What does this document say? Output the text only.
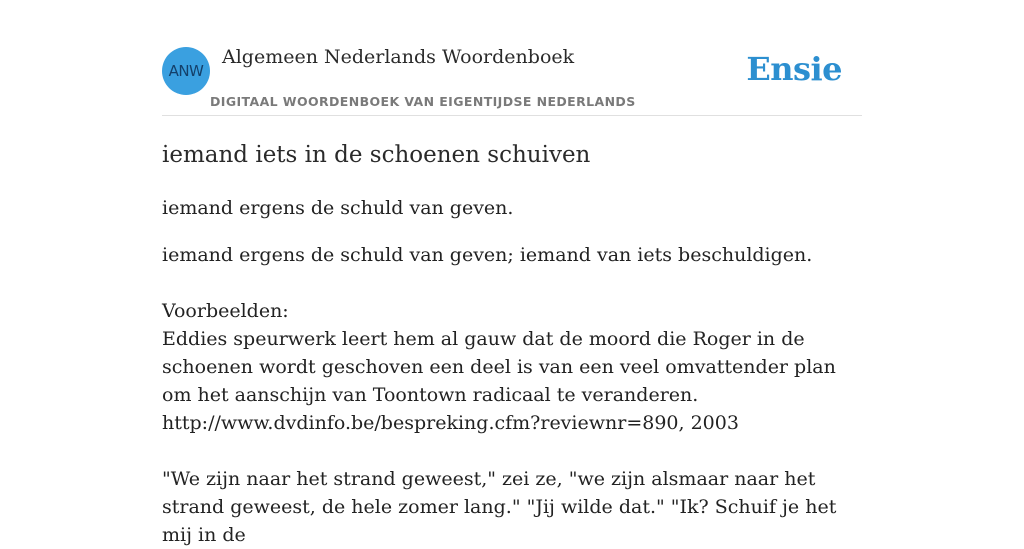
ANW
Algemeen Nederlands Woordenboek
DIGITAAL WOORDENBOEK VAN EIGENTIJDSE NEDERLANDS
Ensie
iemand iets in de schoenen schuiven

iemand ergens de schuld van geven.

iemand ergens de schuld van geven; iemand van iets beschuldigen.

Voorbeelden:

Eddies speurwerk leert hem al gauw dat de moord die Roger in de schoenen wordt geschoven een deel is van een veel omvattender plan om het aanschijn van Toontown radicaal te veranderen.

http://www.dvdinfo.be/bespreking.cfm?reviewnr=890, 2003

"We zijn naar het strand geweest," zei ze, "we zijn alsmaar naar het strand geweest, de hele zomer lang." "Jij wilde dat." "Ik? Schuif je het mij in de
